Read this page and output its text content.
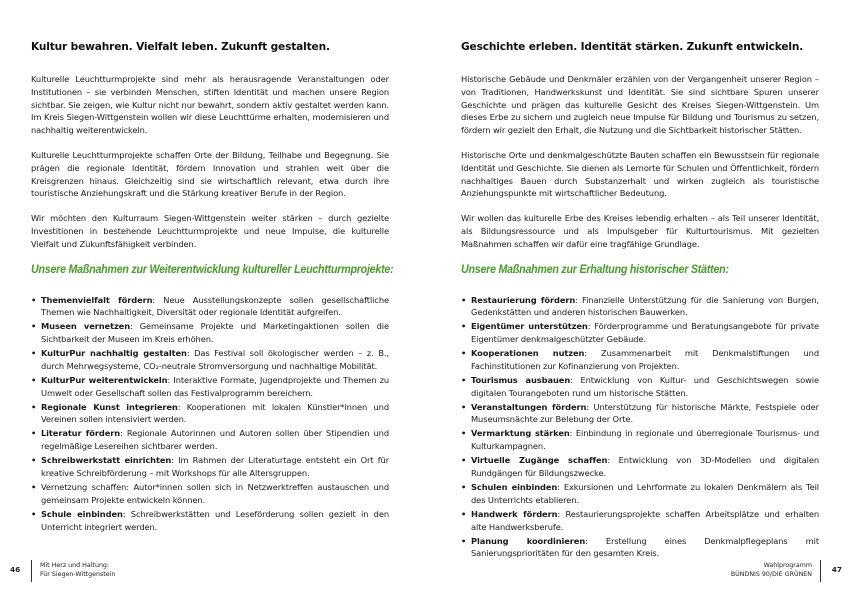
Kultur bewahren. Vielfalt leben. Zukunft gestalten.

Kulturelle Leuchtturmprojekte sind mehr als herausragende Veranstaltungen oder Institutionen – sie verbinden Menschen, stiften Identität und machen unsere Region sichtbar. Sie zeigen, wie Kultur nicht nur bewahrt, sondern aktiv gestaltet werden kann. Im Kreis Siegen-Wittgenstein wollen wir diese Leuchttürme erhalten, modernisieren und nachhaltig weiterentwickeln.

Kulturelle Leuchtturmprojekte schaffen Orte der Bildung, Teilhabe und Begegnung. Sie prägen die regionale Identität, fördern Innovation und strahlen weit über die Kreisgrenzen hinaus. Gleichzeitig sind sie wirtschaftlich relevant, etwa durch ihre touristische Anziehungskraft und die Stärkung kreativer Berufe in der Region.

Wir möchten den Kulturraum Siegen-Wittgenstein weiter stärken – durch gezielte Investitionen in bestehende Leuchtturmprojekte und neue Impulse, die kulturelle Vielfalt und Zukunftsfähigkeit verbinden.

Unsere Maßnahmen zur Weiterentwicklung kultureller Leuchtturmprojekte:
• Themenvielfalt fördern: Neue Ausstellungskonzepte sollen gesellschaftliche Themen wie Nachhaltigkeit, Diversität oder regionale Identität aufgreifen.
• Museen vernetzen: Gemeinsame Projekte und Marketingaktionen sollen die Sichtbarkeit der Museen im Kreis erhöhen.
• KulturPur nachhaltig gestalten: Das Festival soll ökologischer werden – z. B., durch Mehrwegsysteme, CO₂-neutrale Stromversorgung und nachhaltige Mobilität.
• KulturPur weiterentwickeln: Interaktive Formate, Jugendprojekte und Themen zu Umwelt oder Gesellschaft sollen das Festivalprogramm bereichern.
• Regionale Kunst integrieren: Kooperationen mit lokalen Künstler*innen und Vereinen sollen intensiviert werden.
• Literatur fördern: Regionale Autorinnen und Autoren sollen über Stipendien und regelmäßige Lesereihen sichtbarer werden.
• Schreibwerkstatt einrichten: Im Rahmen der Literaturtage entsteht ein Ort für kreative Schreibförderung – mit Workshops für alle Altersgruppen.
• Vernetzung schaffen: Autor*innen sollen sich in Netzwerktreffen austauschen und gemeinsam Projekte entwickeln können.
• Schule einbinden: Schreibwerkstätten und Leseförderung sollen gezielt in den Unterricht integriert werden.
Geschichte erleben. Identität stärken. Zukunft entwickeln.

Historische Gebäude und Denkmäler erzählen von der Vergangenheit unserer Region – von Traditionen, Handwerkskunst und Identität. Sie sind sichtbare Spuren unserer Geschichte und prägen das kulturelle Gesicht des Kreises Siegen-Wittgenstein. Um dieses Erbe zu sichern und zugleich neue Impulse für Bildung und Tourismus zu setzen, fördern wir gezielt den Erhalt, die Nutzung und die Sichtbarkeit historischer Stätten.

Historische Orte und denkmalgeschützte Bauten schaffen ein Bewusstsein für regionale Identität und Geschichte. Sie dienen als Lernorte für Schulen und Öffentlichkeit, fördern nachhaltiges Bauen durch Substanzerhalt und wirken zugleich als touristische Anziehungspunkte mit wirtschaftlicher Bedeutung.

Wir wollen das kulturelle Erbe des Kreises lebendig erhalten – als Teil unserer Identität, als Bildungsressource und als Impulsgeber für Kulturtourismus. Mit gezielten Maßnahmen schaffen wir dafür eine tragfähige Grundlage.

Unsere Maßnahmen zur Erhaltung historischer Stätten:
• Restaurierung fördern: Finanzielle Unterstützung für die Sanierung von Burgen, Gedenkstätten und anderen historischen Bauwerken.
• Eigentümer unterstützen: Förderprogramme und Beratungsangebote für private Eigentümer denkmalgeschützter Gebäude.
• Kooperationen nutzen: Zusammenarbeit mit Denkmalstiftungen und Fachinstitutionen zur Kofinanzierung von Projekten.
• Tourismus ausbauen: Entwicklung von Kultur- und Geschichtswegen sowie digitalen Tourangeboten rund um historische Stätten.
• Veranstaltungen fördern: Unterstützung für historische Märkte, Festspiele oder Museumsnächte zur Belebung der Orte.
• Vermarktung stärken: Einbindung in regionale und überregionale Tourismus- und Kulturkampagnen.
• Virtuelle Zugänge schaffen: Entwicklung von 3D-Modellen und digitalen Rundgängen für Bildungszwecke.
• Schulen einbinden: Exkursionen und Lehrformate zu lokalen Denkmälern als Teil des Unterrichts etablieren.
• Handwerk fördern: Restaurierungsprojekte schaffen Arbeitsplätze und erhalten alte Handwerksberufe.
• Planung koordinieren: Erstellung eines Denkmalpflegeplans mit Sanierungsprioritäten für den gesamten Kreis.
46	Mit Herz und Haltung:
Für Siegen-Wittgenstein
47
Wahlprogramm
BÜNDNIS 90/DIE GRÜNEN
